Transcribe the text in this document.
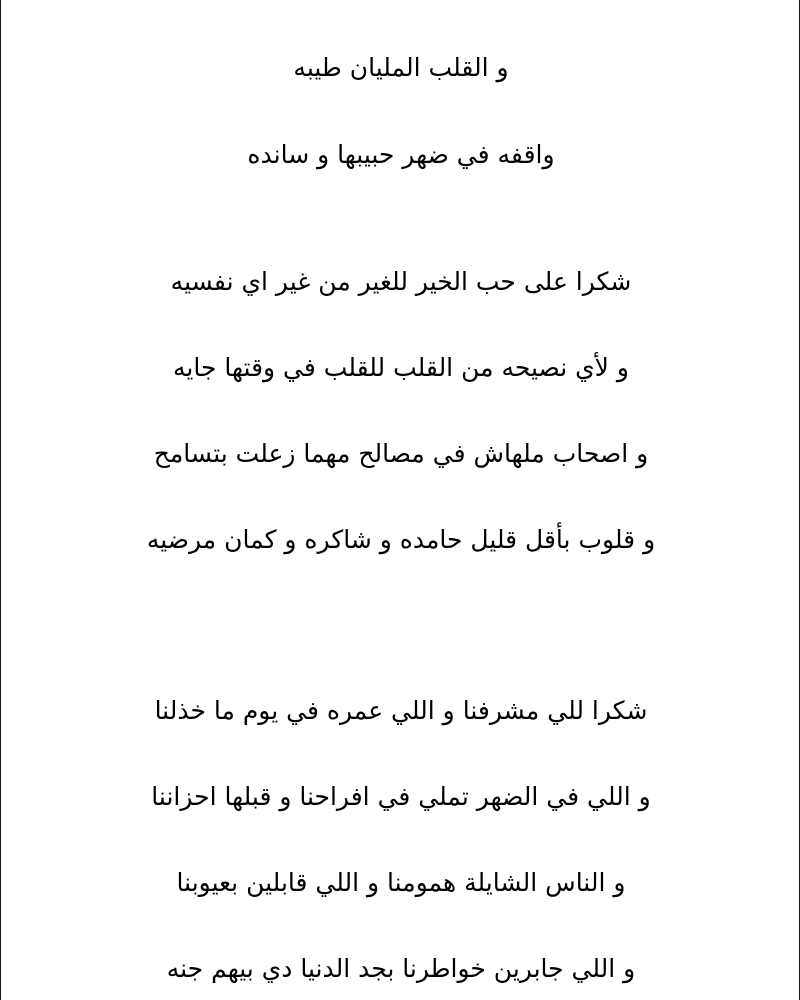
و القلب المليان طيبه
واقفه في ضهر حبيبها و سانده
شكرا على حب الخير للغير من غير اي نفسيه
و لأي نصيحه من القلب للقلب في وقتها جايه
و اصحاب ملهاش في مصالح مهما زعلت بتسامح
و قلوب بأقل قليل حامده و شاكره و كمان مرضيه
شكرا للي مشرفنا و اللي عمره في يوم ما خذلنا
و اللي في الضهر تملي في افراحنا و قبلها احزاننا
و الناس الشايلة همومنا و اللي قابلين بعيوبنا
و اللي جابرين خواطرنا بجد الدنيا دي بيهم جنه
